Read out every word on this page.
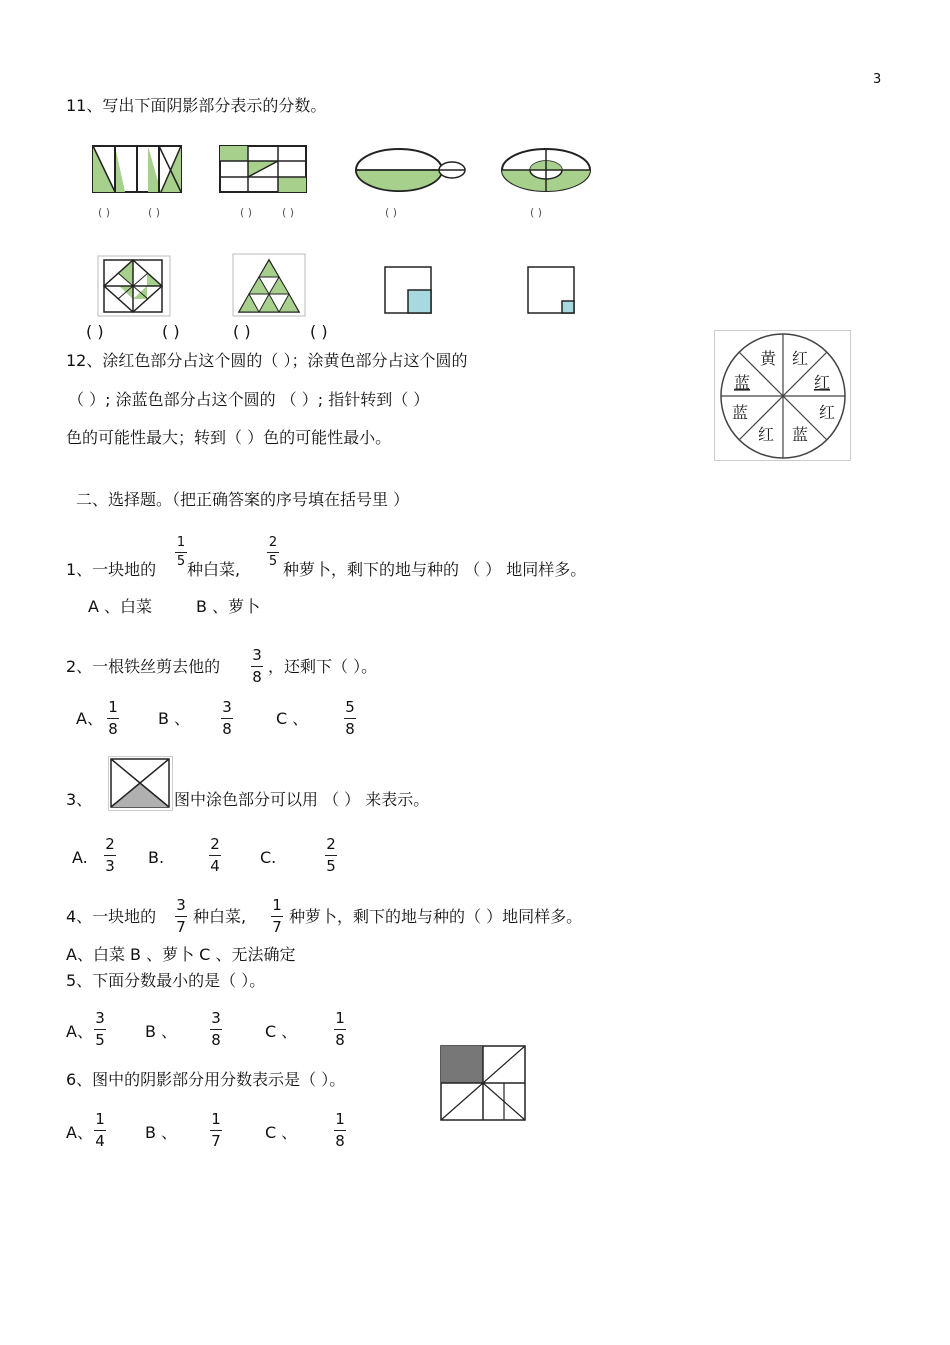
3
11、写出下面阴影部分表示的分数。
( )	( )	( )	( )	( )	( )
( )	( )	( )	( )
12、涂红色部分占这个圆的（ ）；涂黄色部分占这个圆的
（ ）; 涂蓝色部分占这个圆的 （ ）; 指针转到（ ）
色的可能性最大；转到（ ）色的可能性最小。
黄 红
蓝	红
蓝	红
红 蓝
二、选择题。（把正确答案的序号填在括号里 ）
1、一块地的
1
5 种白菜,
2
5 种萝卜，剩下的地与种的 （ ） 地同样多。
A 、白菜	B 、萝卜
2、一根铁丝剪去他的
3
8
，还剩下（ ）。
A、
1
8
B 、
3
8
C 、
5
8
3、	图中涂色部分可以用 （ ） 来表示。
A.
2
3	B.
2
4	C.
2
5
4、一块地的
3
7
种白菜,
1
7
种萝卜，剩下的地与种的（ ）地同样多。
A、白菜 B 、萝卜 C 、无法确定
5、下面分数最小的是（ ）。
A、
3
5	B 、
3
8	C 、
1
8
6、图中的阴影部分用分数表示是（ ）。
A、
1
4	B 、
1
7	C 、
1
8
